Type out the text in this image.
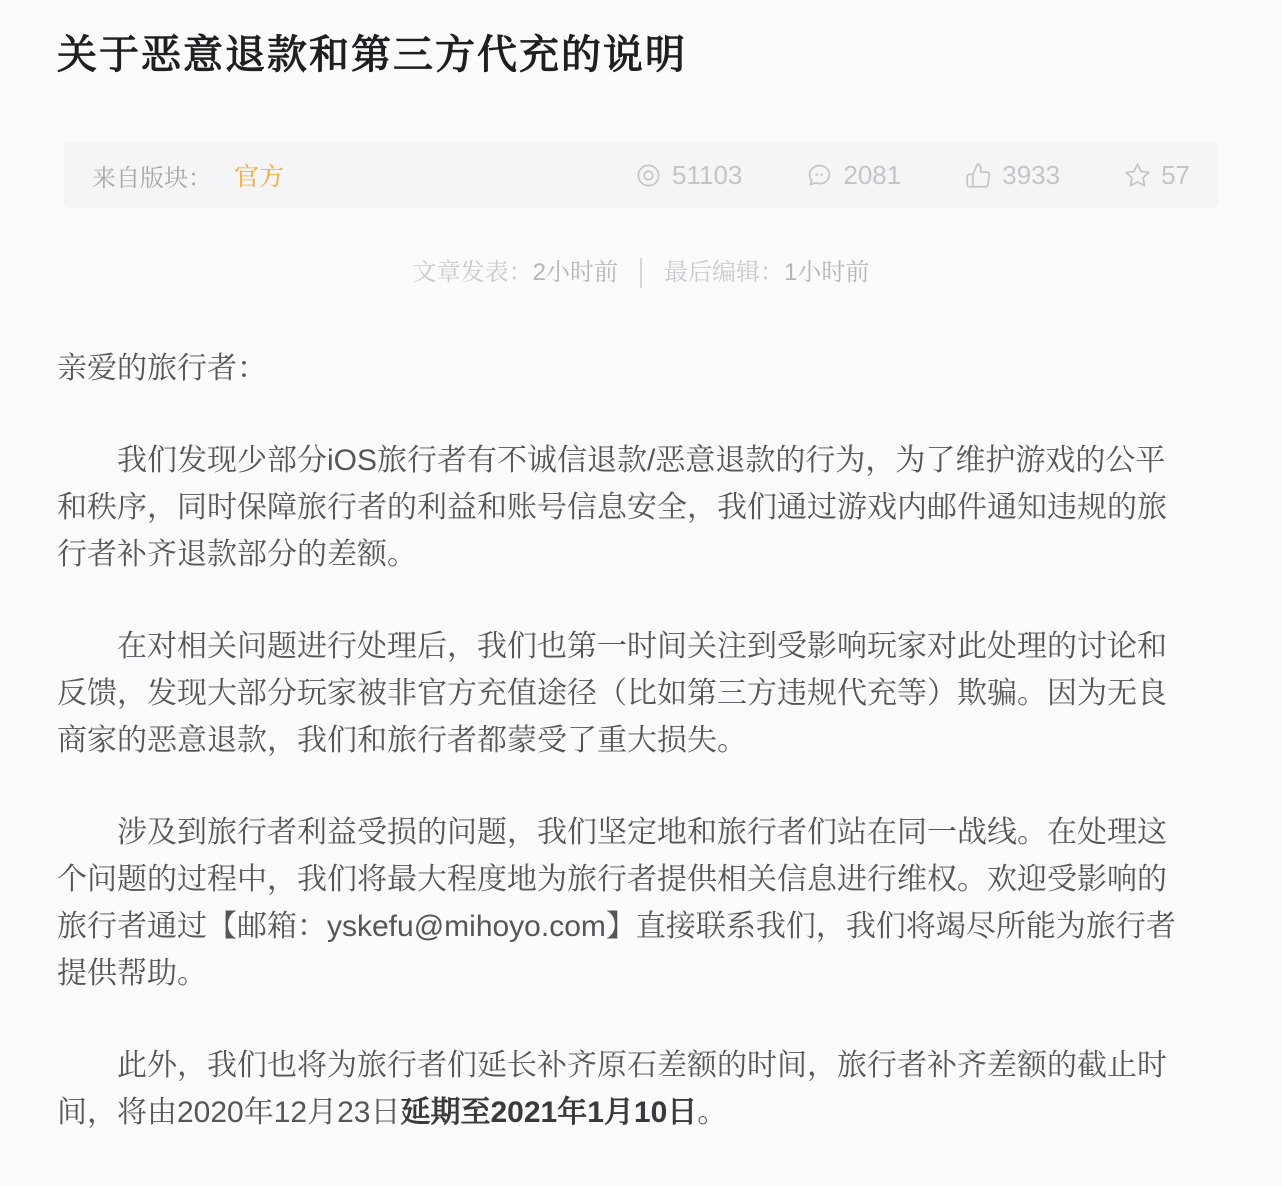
关于恶意退款和第三方代充的说明
来自版块： 官方	51103	2081	3933	57
文章发表： 2小时前 最后编辑： 1小时前
亲爱的旅行者：

我们发现少部分iOS旅行者有不诚信退款/恶意退款的行为，为了维护游戏的公平和秩序，同时保障旅行者的利益和账号信息安全，我们通过游戏内邮件通知违规的旅行者补齐退款部分的差额。

在对相关问题进行处理后，我们也第一时间关注到受影响玩家对此处理的讨论和反馈，发现大部分玩家被非官方充值途径（比如第三方违规代充等）欺骗。因为无良商家的恶意退款，我们和旅行者都蒙受了重大损失。

涉及到旅行者利益受损的问题，我们坚定地和旅行者们站在同一战线。在处理这个问题的过程中，我们将最大程度地为旅行者提供相关信息进行维权。欢迎受影响的旅行者通过【邮箱：yskefu@mihoyo.com】直接联系我们，我们将竭尽所能为旅行者提供帮助。

此外，我们也将为旅行者们延长补齐原石差额的时间，旅行者补齐差额的截止时间，将由2020年12月23日延期至2021年1月10日。
